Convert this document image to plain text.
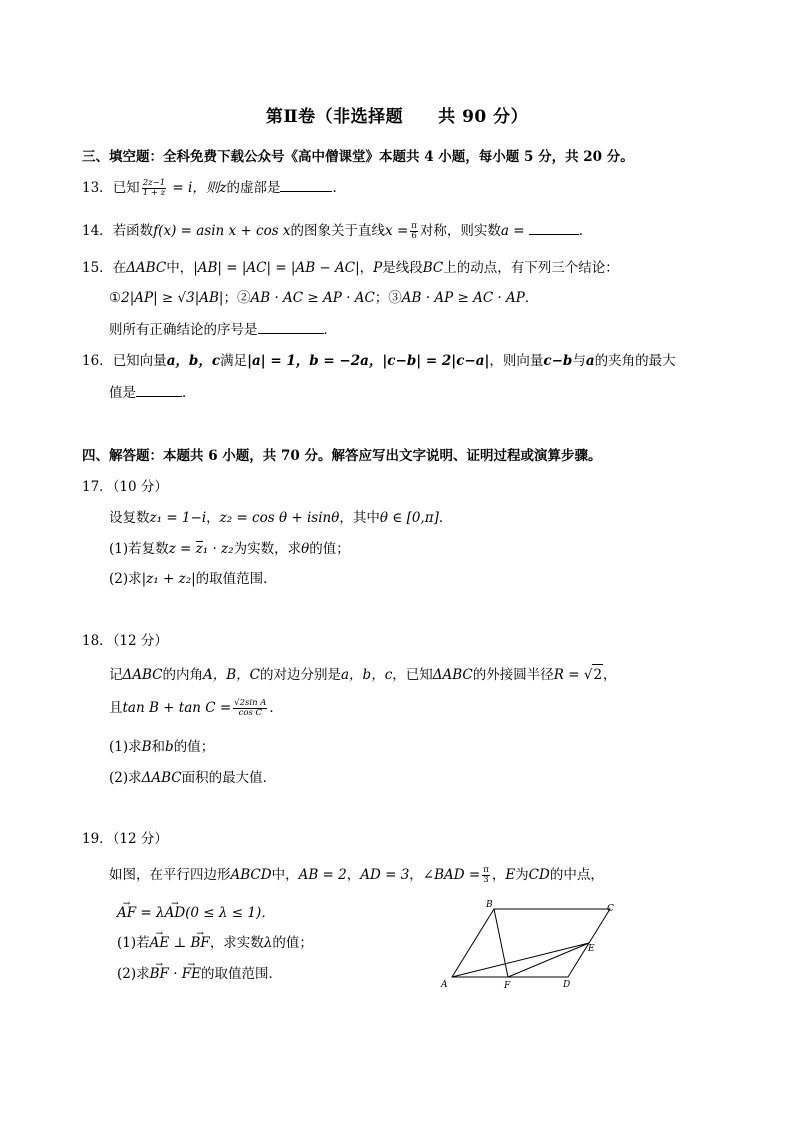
第Ⅱ卷（非选择题　　共 90 分）
三、填空题：全科免费下载公众号《高中僧课堂》本题共 4 小题，每小题 5 分，共 20 分。
13．已知 $\frac{2z-1}{1 + z} = i$，则z的虚部是	．
14．若函数f(x) = asin x + cos x的图象关于直线$x = \frac{\pi}{6}$ 对称，则实数a =	．
15．在ΔABC中，|AB| = |AC| = |AB − AC|，P是线段BC上的动点，有下列三个结论：
①2|AP| ≥ √3|AB|；②AB · AC ≥ AP · AC；③AB · AP ≥ AC · AP．
则所有正确结论的序号是	．
16．已知向量a，b，c满足|a| = 1，b = −2a，|c−b| = 2|c−a|，则向量c−b与a的夹角的最大
值是	．
四、解答题：本题共 6 小题，共 70 分。解答应写出文字说明、证明过程或演算步骤。
17．（10 分）
设复数z₁ = 1−i，z₂ = cos θ + isinθ，其中θ ∈ [0,π]．
(1)若复数z = z₁ · z₂为实数，求θ的值；
(2)求|z₁ + z₂|的取值范围．
18．（12 分）
记ΔABC的内角A，B，C的对边分别是a，b，c，已知ΔABC的外接圆半径R = √2，
且$\tan B + \tan C = \frac{\text{√2sin A}}{\text{cos C}}$ ．
(1)求B和b的值；
(2)求ΔABC面积的最大值．
19．（12 分）
如图，在平行四边形ABCD中，AB = 2，AD = 3，∠BAD = $\frac{\pi}{3}$ ，E为CD的中点，
→ AF = λ→ AD(0 ≤ λ ≤ 1)．
(1)若→ AE ⊥ → BF，求实数λ的值；
(2)求→ BF · → FE的取值范围．
A
B	C
D
E
F
